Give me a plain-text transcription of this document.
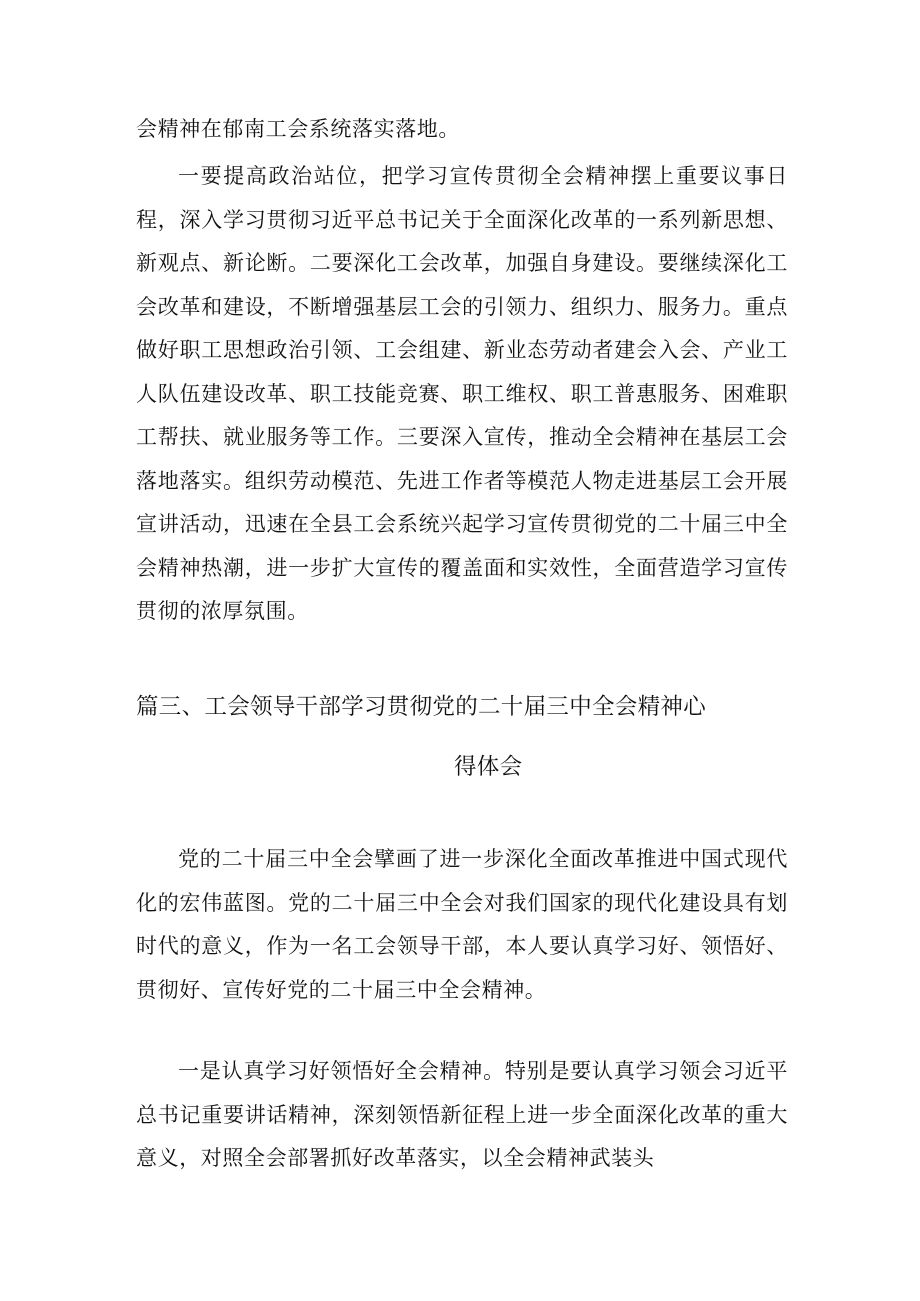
会精神在郁南工会系统落实落地。

一要提高政治站位，把学习宣传贯彻全会精神摆上重要议事日程，深入学习贯彻习近平总书记关于全面深化改革的一系列新思想、新观点、新论断。二要深化工会改革，加强自身建设。要继续深化工会改革和建设，不断增强基层工会的引领力、组织力、服务力。重点做好职工思想政治引领、工会组建、新业态劳动者建会入会、产业工人队伍建设改革、职工技能竞赛、职工维权、职工普惠服务、困难职工帮扶、就业服务等工作。三要深入宣传，推动全会精神在基层工会落地落实。组织劳动模范、先进工作者等模范人物走进基层工会开展宣讲活动，迅速在全县工会系统兴起学习宣传贯彻党的二十届三中全会精神热潮，进一步扩大宣传的覆盖面和实效性，全面营造学习宣传贯彻的浓厚氛围。

篇三、工会领导干部学习贯彻党的二十届三中全会精神心
得体会

党的二十届三中全会擘画了进一步深化全面改革推进中国式现代化的宏伟蓝图。党的二十届三中全会对我们国家的现代化建设具有划时代的意义，作为一名工会领导干部，本人要认真学习好、领悟好、贯彻好、宣传好党的二十届三中全会精神。

一是认真学习好领悟好全会精神。特别是要认真学习领会习近平总书记重要讲话精神，深刻领悟新征程上进一步全面深化改革的重大意义，对照全会部署抓好改革落实，以全会精神武装头
